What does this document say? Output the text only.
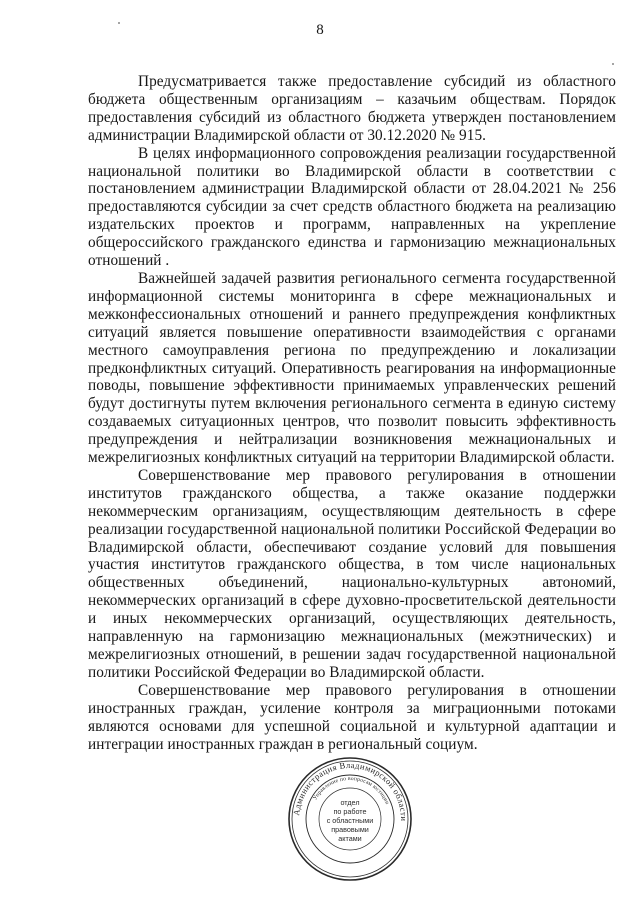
8

Предусматривается также предоставление субсидий из областного бюджета общественным организациям – казачьим обществам. Порядок предоставления субсидий из областного бюджета утвержден постановлением администрации Владимирской области от 30.12.2020 № 915.

В целях информационного сопровождения реализации государственной национальной политики во Владимирской области в соответствии с постановлением администрации Владимирской области от 28.04.2021 № 256 предоставляются субсидии за счет средств областного бюджета на реализацию издательских проектов и программ, направленных на укрепление общероссийского гражданского единства и гармонизацию межнациональных отношений .

Важнейшей задачей развития регионального сегмента государственной информационной системы мониторинга в сфере межнациональных и межконфессиональных отношений и раннего предупреждения конфликтных ситуаций является повышение оперативности взаимодействия с органами местного самоуправления региона по предупреждению и локализации предконфликтных ситуаций. Оперативность реагирования на информационные поводы, повышение эффективности принимаемых управленческих решений будут достигнуты путем включения регионального сегмента в единую систему создаваемых ситуационных центров, что позволит повысить эффективность предупреждения и нейтрализации возникновения межнациональных и межрелигиозных конфликтных ситуаций на территории Владимирской области.

Совершенствование мер правового регулирования в отношении институтов гражданского общества, а также оказание поддержки некоммерческим организациям, осуществляющим деятельность в сфере реализации государственной национальной политики Российской Федерации во Владимирской области, обеспечивают создание условий для повышения участия институтов гражданского общества, в том числе национальных общественных объединений, национально-культурных автономий, некоммерческих организаций в сфере духовно-просветительской деятельности и иных некоммерческих организаций, осуществляющих деятельность, направленную на гармонизацию межнациональных (межэтнических) и межрелигиозных отношений, в решении задач государственной национальной политики Российской Федерации во Владимирской области.

Совершенствование мер правового регулирования в отношении иностранных граждан, усиление контроля за миграционными потоками являются основами для успешной социальной и культурной адаптации и интеграции иностранных граждан в региональный социум.

Администрация Владимирской области
Управление по вопросам юстиции
отдел
по работе
с областными
правовыми
актами
